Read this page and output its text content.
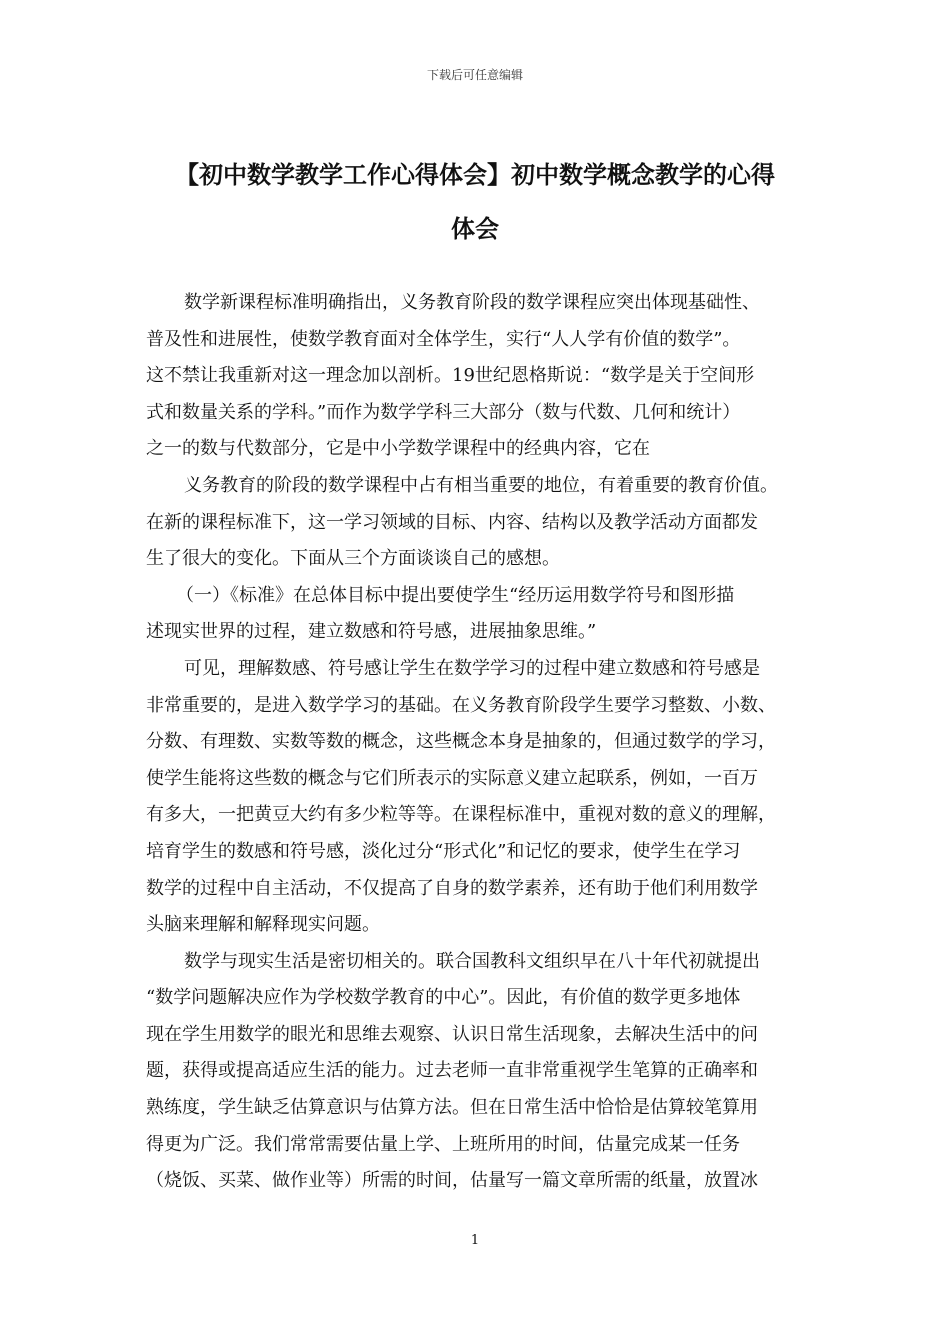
下载后可任意编辑
【初中数学教学工作心得体会】初中数学概念教学的心得
体会
数学新课程标准明确指出，义务教育阶段的数学课程应突出体现基础性、
普及性和进展性，使数学教育面对全体学生，实行“人人学有价值的数学”。
这不禁让我重新对这一理念加以剖析。19世纪恩格斯说：“数学是关于空间形
式和数量关系的学科。”而作为数学学科三大部分（数与代数、几何和统计）
之一的数与代数部分，它是中小学数学课程中的经典内容，它在
义务教育的阶段的数学课程中占有相当重要的地位，有着重要的教育价值。
在新的课程标准下，这一学习领域的目标、内容、结构以及教学活动方面都发
生了很大的变化。下面从三个方面谈谈自己的感想。
（一）《标准》在总体目标中提出要使学生“经历运用数学符号和图形描
述现实世界的过程，建立数感和符号感，进展抽象思维。”
可见，理解数感、符号感让学生在数学学习的过程中建立数感和符号感是
非常重要的，是进入数学学习的基础。在义务教育阶段学生要学习整数、小数、
分数、有理数、实数等数的概念，这些概念本身是抽象的，但通过数学的学习，
使学生能将这些数的概念与它们所表示的实际意义建立起联系，例如，一百万
有多大，一把黄豆大约有多少粒等等。在课程标准中，重视对数的意义的理解，
培育学生的数感和符号感，淡化过分“形式化”和记忆的要求，使学生在学习
数学的过程中自主活动，不仅提高了自身的数学素养，还有助于他们利用数学
头脑来理解和解释现实问题。
数学与现实生活是密切相关的。联合国教科文组织早在八十年代初就提出
“数学问题解决应作为学校数学教育的中心”。因此，有价值的数学更多地体
现在学生用数学的眼光和思维去观察、认识日常生活现象，去解决生活中的问
题，获得或提高适应生活的能力。过去老师一直非常重视学生笔算的正确率和
熟练度，学生缺乏估算意识与估算方法。但在日常生活中恰恰是估算较笔算用
得更为广泛。我们常常需要估量上学、上班所用的时间，估量完成某一任务
（烧饭、买菜、做作业等）所需的时间，估量写一篇文章所需的纸量，放置冰
1
